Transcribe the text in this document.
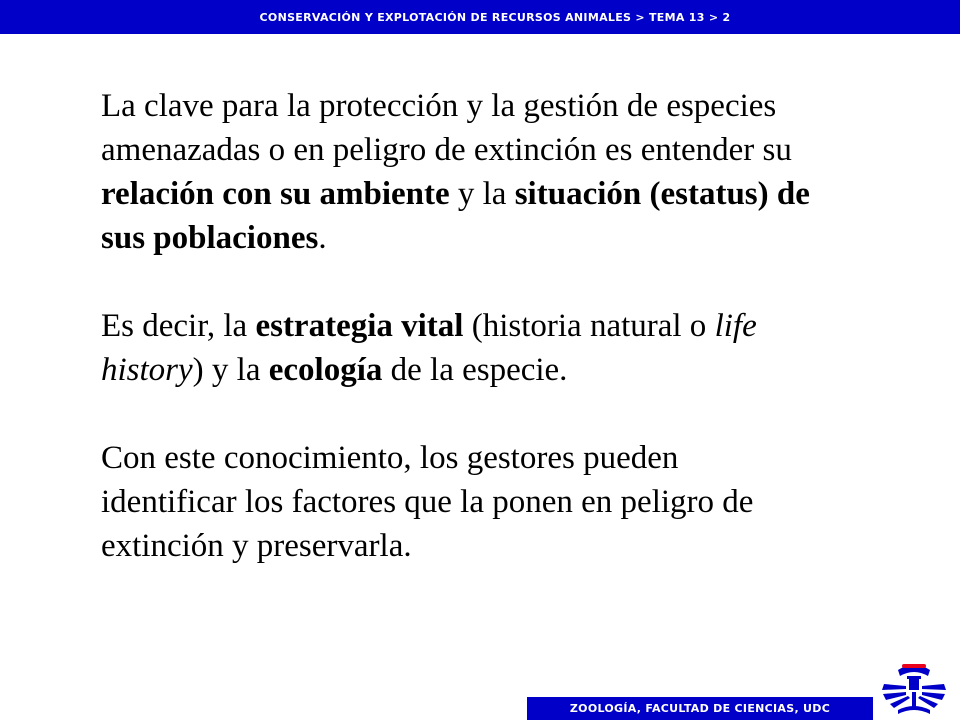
CONSERVACIÓN Y EXPLOTACIÓN DE RECURSOS ANIMALES > TEMA 13 > 2

La clave para la protección y la gestión de especies amenazadas o en peligro de extinción es entender su relación con su ambiente y la situación (estatus) de sus poblaciones.

Es decir, la estrategia vital (historia natural o life history) y la ecología de la especie.

Con este conocimiento, los gestores pueden identificar los factores que la ponen en peligro de extinción y preservarla.

ZOOLOGÍA, FACULTAD DE CIENCIAS, UDC
